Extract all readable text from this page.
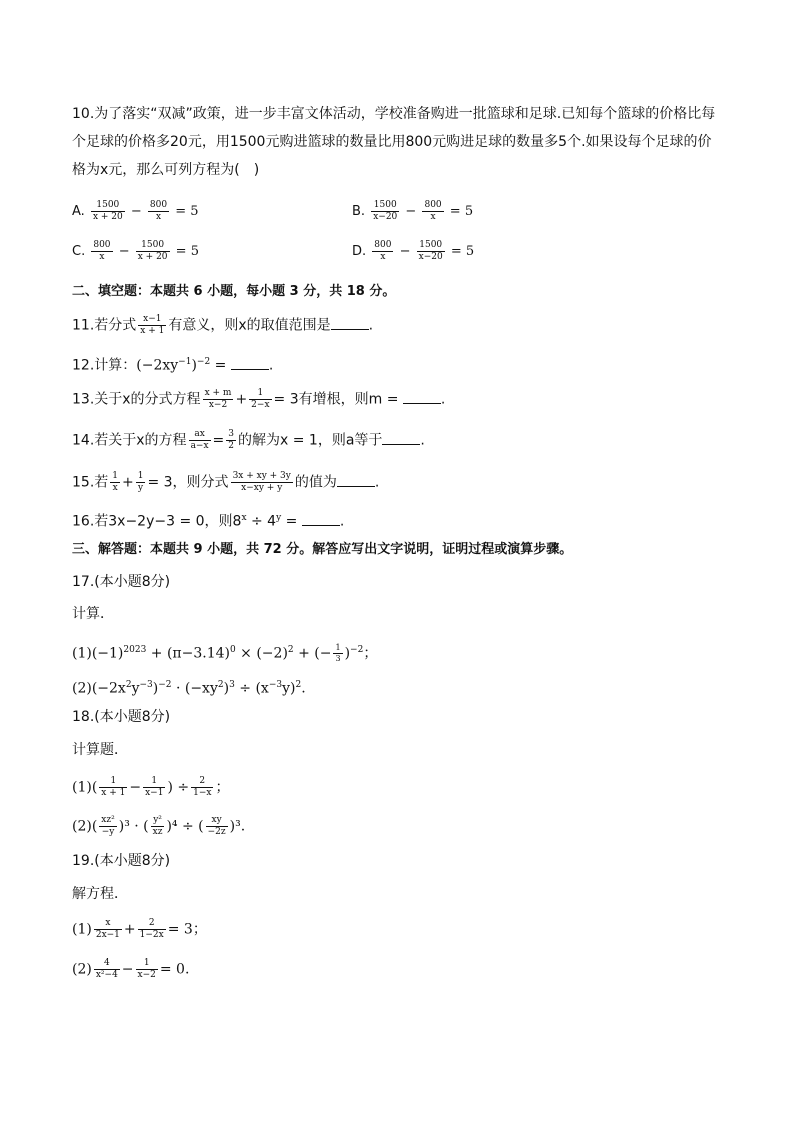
10.为了落实“双减”政策，进一步丰富文体活动，学校准备购进一批篮球和足球.已知每个篮球的价格比每个足球的价格多20元，用1500元购进篮球的数量比用800元购进足球的数量多5个.如果设每个足球的价格为x元，那么可列方程为(　)
A. $\frac{1500}{x + 20} - \frac{800}{x} = 5$	B. $\frac{1500}{x-20} - \frac{800}{x} = 5$
C. $\frac{800}{x} - \frac{1500}{x + 20} = 5$	D. $\frac{800}{x} - \frac{1500}{x-20} = 5$
二、填空题：本题共 6 小题，每小题 3 分，共 18 分。
11.若分式 $\frac{x-1}{x + 1}$ 有意义，则x的取值范围是	.
12.计算：$(-2xy^{-1})^{-2}$ =	.
13.关于x的分式方程 $\frac{x + m}{x-2} + \frac{1}{2-x} = 3$有增根，则m =	.
14.若关于x的方程 $\frac{ax}{a-x} = \frac{3}{2}$ 的解为x = 1，则a等于	.
15.若 $\frac{1}{x} + \frac{1}{y} = 3$，则分式 $\frac{3x + xy + 3y}{x-xy + y}$ 的值为	.
16.若3x−2y−3 = 0，则$8^x \div 4^y$ =	.
三、解答题：本题共 9 小题，共 72 分。解答应写出文字说明，证明过程或演算步骤。
17.(本小题8分)
计算．
$(1)(-1)^{2023} + (\pi-3.14)^0 \times (-2)^2$ + (− $\frac{1}{3} )^{-2}$；
$(2)(-2x^2y^{-3})^{-2} \cdot (-xy^2)^3 \div (x^{-3}y)^2$.
18.(本小题8分)
计算题．
$(1)( \frac{1}{x + 1} - \frac{1}{x-1}$ ) ÷ $\frac{2}{1-x}$ ；
$(2)( \frac{\text{xz²}}{-y} )^3$ · ( $\frac{\text{y²}}{xz} )^4$ ÷ ( $\frac{xy}{-2z} )^3$.
19.(本小题8分)
解方程．
$(1) \frac{x}{2x-1} + \frac{2}{1-2x} = 3$；
$(2) \frac{4}{\text{x²−4}} - \frac{1}{x-2} = 0$.
